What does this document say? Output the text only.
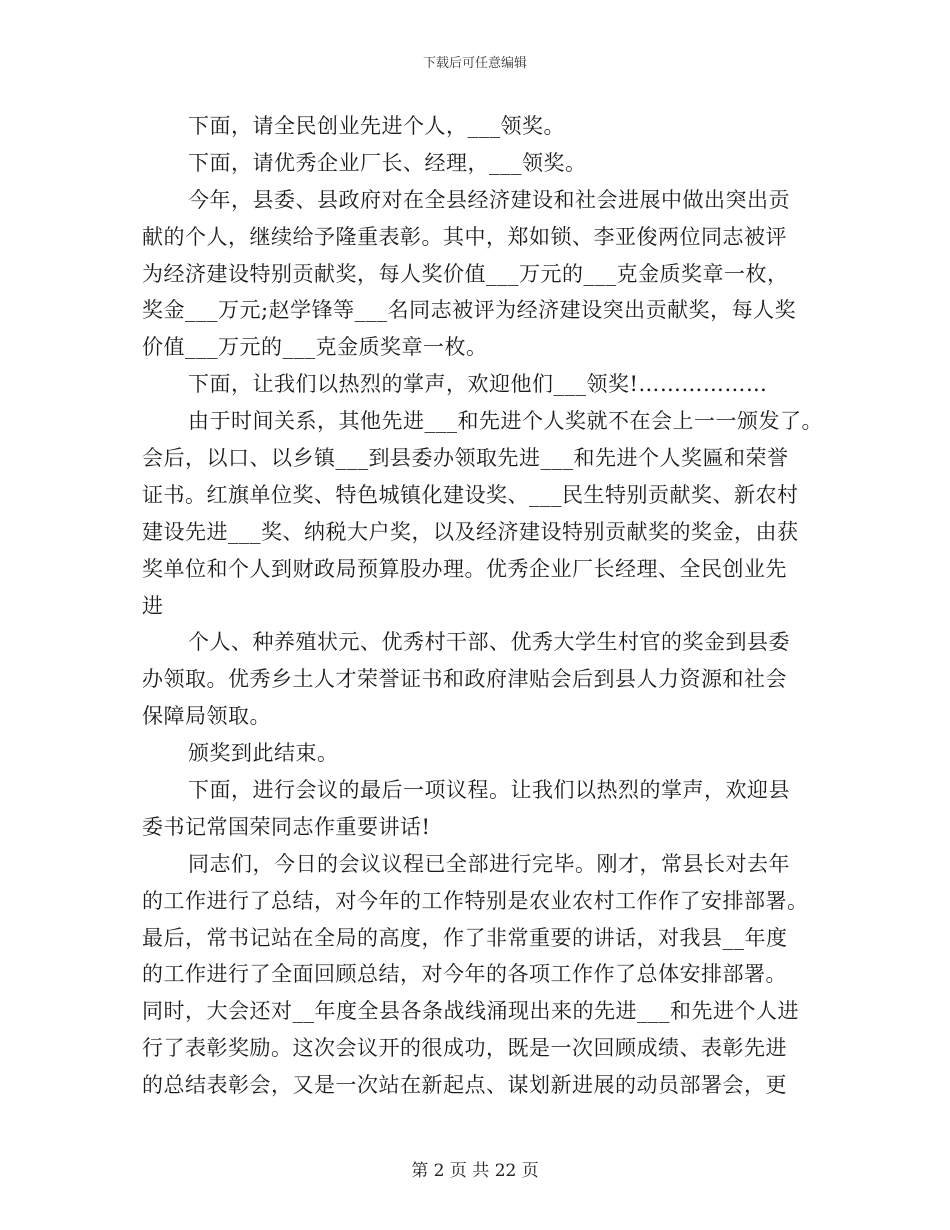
下载后可任意编辑
下面，请全民创业先进个人，___领奖。
下面，请优秀企业厂长、经理，___领奖。
今年，县委、县政府对在全县经济建设和社会进展中做出突出贡
献的个人，继续给予隆重表彰。其中，郑如锁、李亚俊两位同志被评
为经济建设特别贡献奖，每人奖价值___万元的___克金质奖章一枚，
奖金___万元;赵学锋等___名同志被评为经济建设突出贡献奖，每人奖
价值___万元的___克金质奖章一枚。
下面，让我们以热烈的掌声，欢迎他们___领奖!………………
由于时间关系，其他先进___和先进个人奖就不在会上一一颁发了。
会后，以口、以乡镇___到县委办领取先进___和先进个人奖匾和荣誉
证书。红旗单位奖、特色城镇化建设奖、___民生特别贡献奖、新农村
建设先进___奖、纳税大户奖，以及经济建设特别贡献奖的奖金，由获
奖单位和个人到财政局预算股办理。优秀企业厂长经理、全民创业先
进
个人、种养殖状元、优秀村干部、优秀大学生村官的奖金到县委
办领取。优秀乡土人才荣誉证书和政府津贴会后到县人力资源和社会
保障局领取。
颁奖到此结束。
下面，进行会议的最后一项议程。让我们以热烈的掌声，欢迎县
委书记常国荣同志作重要讲话!
同志们，今日的会议议程已全部进行完毕。刚才，常县长对去年
的工作进行了总结，对今年的工作特别是农业农村工作作了安排部署。
最后，常书记站在全局的高度，作了非常重要的讲话，对我县__年度
的工作进行了全面回顾总结，对今年的各项工作作了总体安排部署。
同时，大会还对__年度全县各条战线涌现出来的先进___和先进个人进
行了表彰奖励。这次会议开的很成功，既是一次回顾成绩、表彰先进
的总结表彰会，又是一次站在新起点、谋划新进展的动员部署会，更
第 2 页 共 22 页
